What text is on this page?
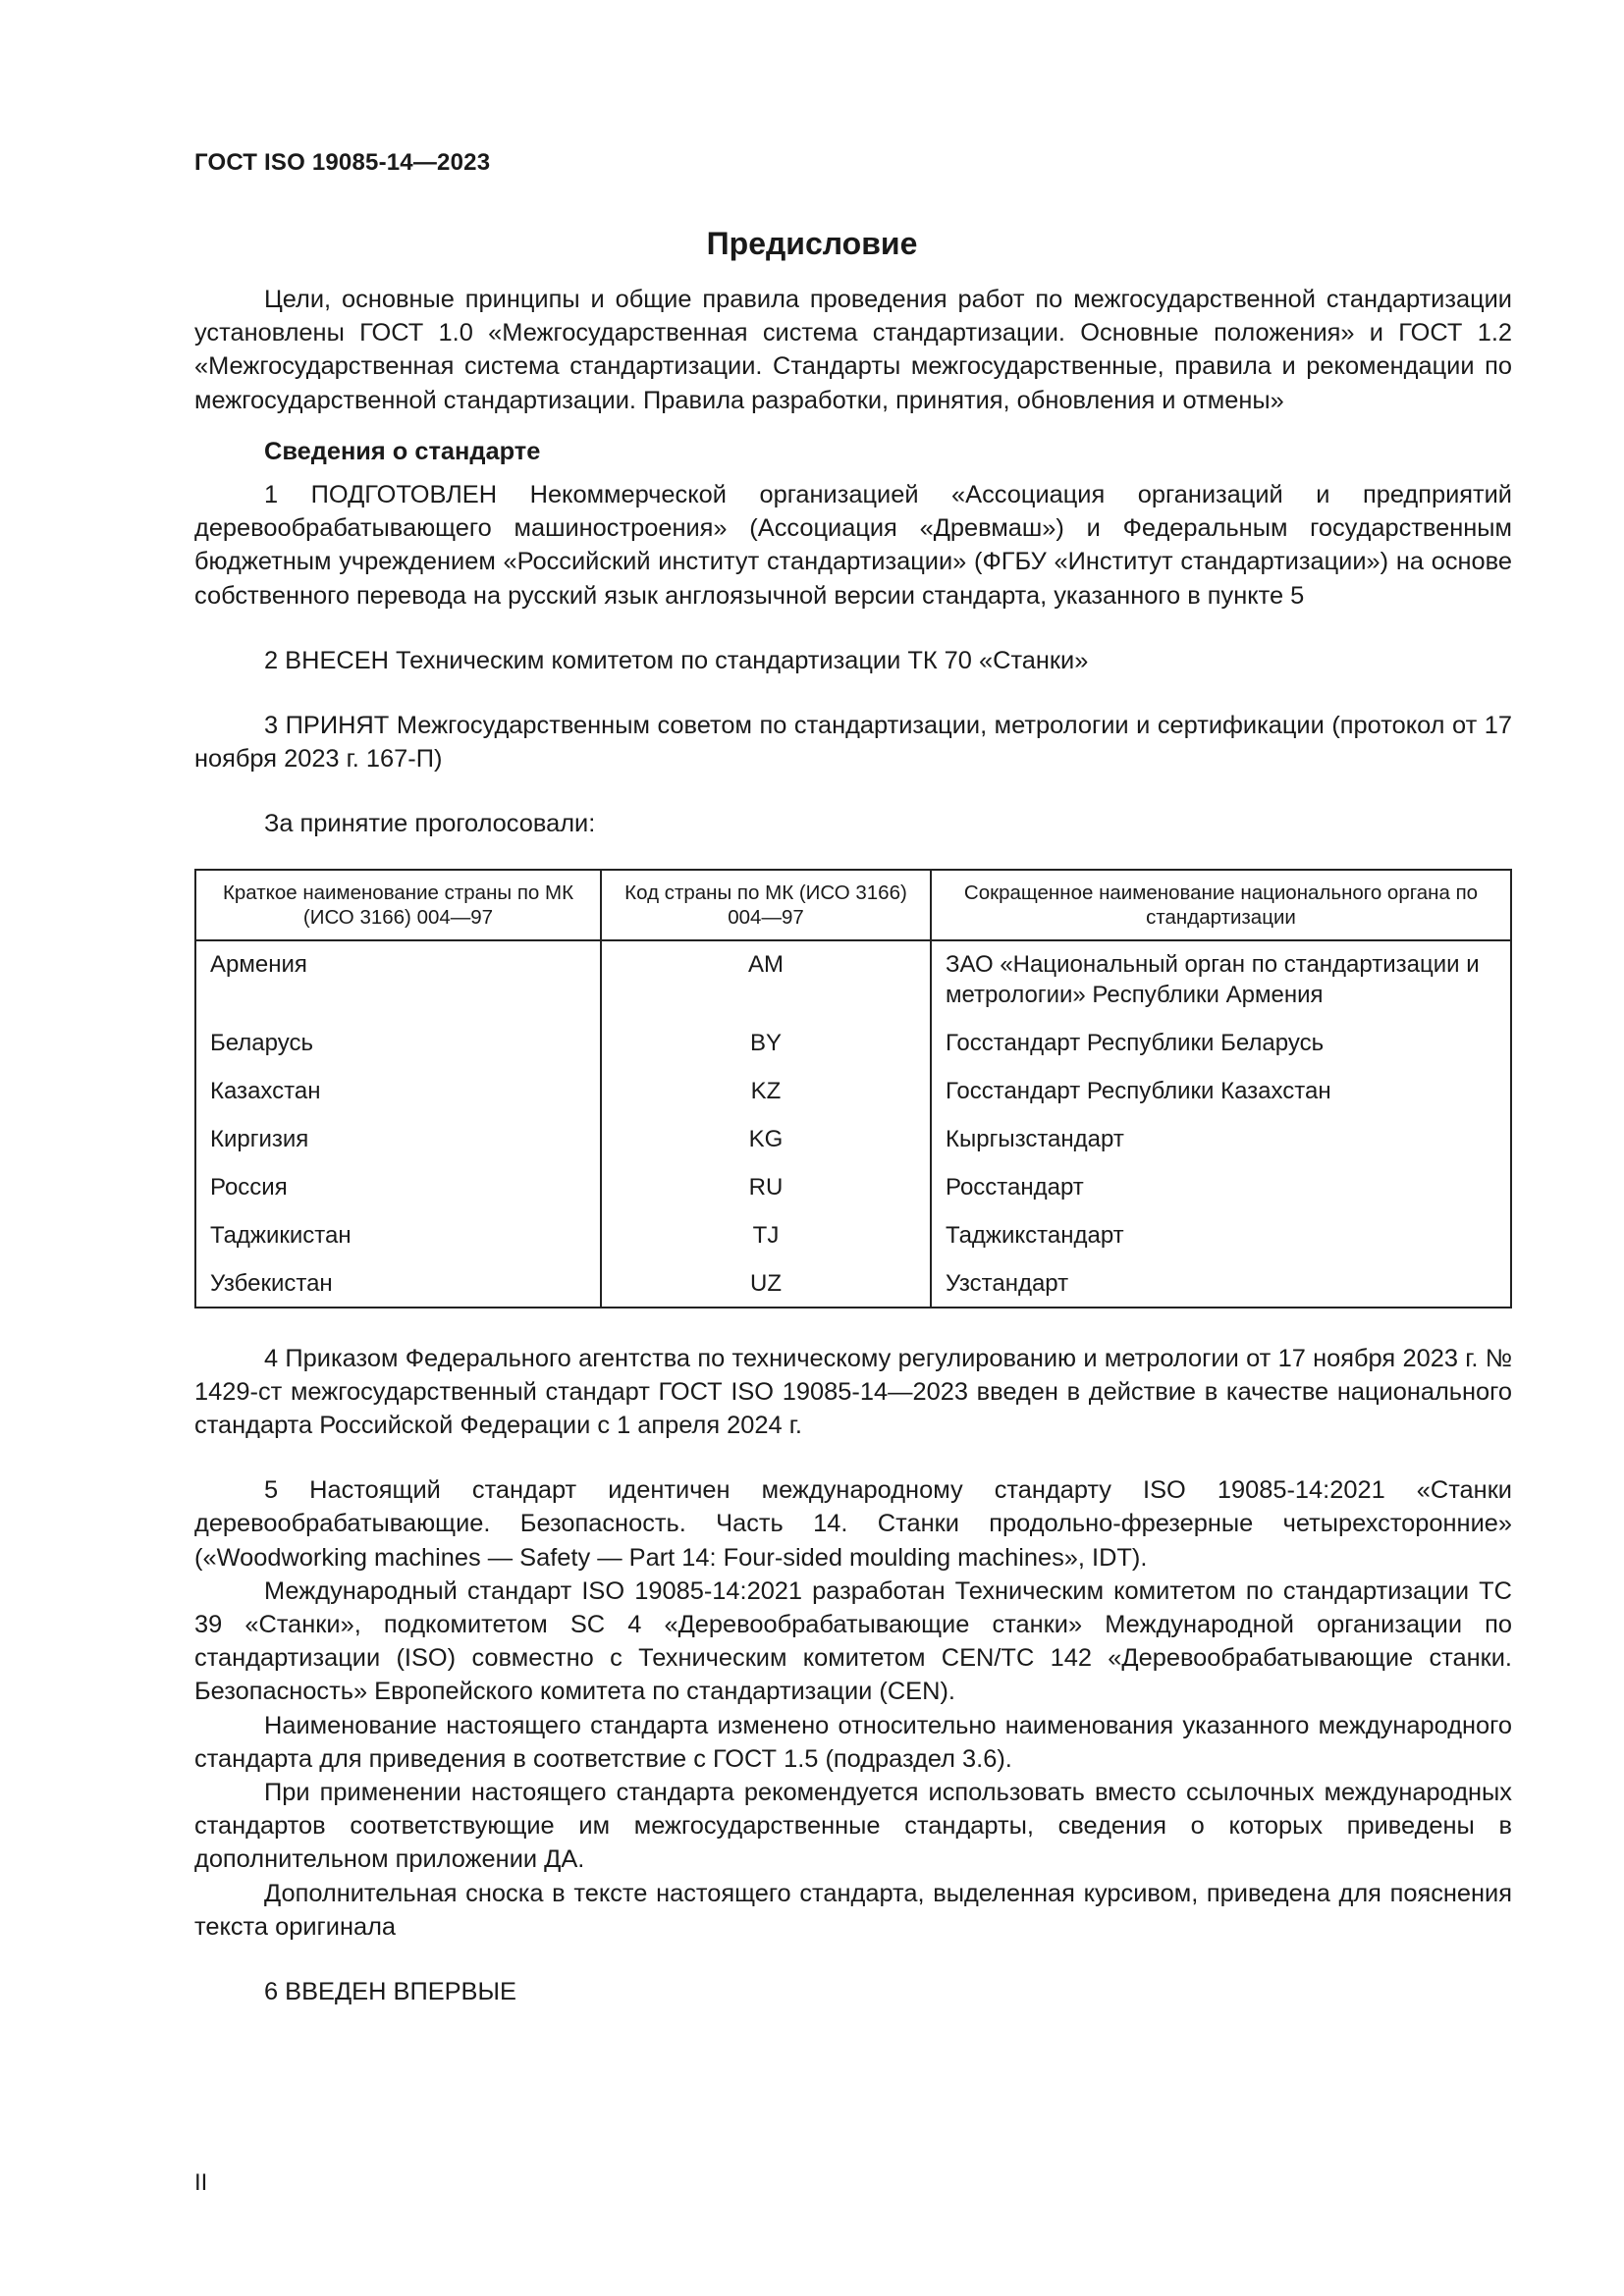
ГОСТ ISO 19085-14—2023
Предисловие

Цели, основные принципы и общие правила проведения работ по межгосударственной стандартизации установлены ГОСТ 1.0 «Межгосударственная система стандартизации. Основные положения» и ГОСТ 1.2 «Межгосударственная система стандартизации. Стандарты межгосударственные, правила и рекомендации по межгосударственной стандартизации. Правила разработки, принятия, обновления и отмены»

Сведения о стандарте

1 ПОДГОТОВЛЕН Некоммерческой организацией «Ассоциация организаций и предприятий деревообрабатывающего машиностроения» (Ассоциация «Древмаш») и Федеральным государственным бюджетным учреждением «Российский институт стандартизации» (ФГБУ «Институт стандартизации») на основе собственного перевода на русский язык англоязычной версии стандарта, указанного в пункте 5

2 ВНЕСЕН Техническим комитетом по стандартизации ТК 70 «Станки»

3 ПРИНЯТ Межгосударственным советом по стандартизации, метрологии и сертификации (протокол от 17 ноября 2023 г. 167-П)

За принятие проголосовали:

Краткое наименование страны по МК (ИСО 3166) 004—97	Код страны по МК (ИСО 3166) 004—97	Сокращенное наименование национального органа по стандартизации
Армения	AM	ЗАО «Национальный орган по стандартизации и метрологии» Республики Армения
Беларусь	BY	Госстандарт Республики Беларусь
Казахстан	KZ	Госстандарт Республики Казахстан
Киргизия	KG	Кыргызстандарт
Россия	RU	Росстандарт
Таджикистан	TJ	Таджикстандарт
Узбекистан	UZ	Узстандарт

4 Приказом Федерального агентства по техническому регулированию и метрологии от 17 ноября 2023 г. № 1429-ст межгосударственный стандарт ГОСТ ISO 19085-14—2023 введен в действие в качестве национального стандарта Российской Федерации с 1 апреля 2024 г.

5 Настоящий стандарт идентичен международному стандарту ISO 19085-14:2021 «Станки деревообрабатывающие. Безопасность. Часть 14. Станки продольно-фрезерные четырехсторонние» («Woodworking machines — Safety — Part 14: Four-sided moulding machines», IDT).

Международный стандарт ISO 19085-14:2021 разработан Техническим комитетом по стандартизации TC 39 «Станки», подкомитетом SC 4 «Деревообрабатывающие станки» Международной организации по стандартизации (ISO) совместно с Техническим комитетом CEN/TC 142 «Деревообрабатывающие станки. Безопасность» Европейского комитета по стандартизации (CEN).

Наименование настоящего стандарта изменено относительно наименования указанного международного стандарта для приведения в соответствие с ГОСТ 1.5 (подраздел 3.6).

При применении настоящего стандарта рекомендуется использовать вместо ссылочных международных стандартов соответствующие им межгосударственные стандарты, сведения о которых приведены в дополнительном приложении ДА.

Дополнительная сноска в тексте настоящего стандарта, выделенная курсивом, приведена для пояснения текста оригинала

6 ВВЕДЕН ВПЕРВЫЕ

II
